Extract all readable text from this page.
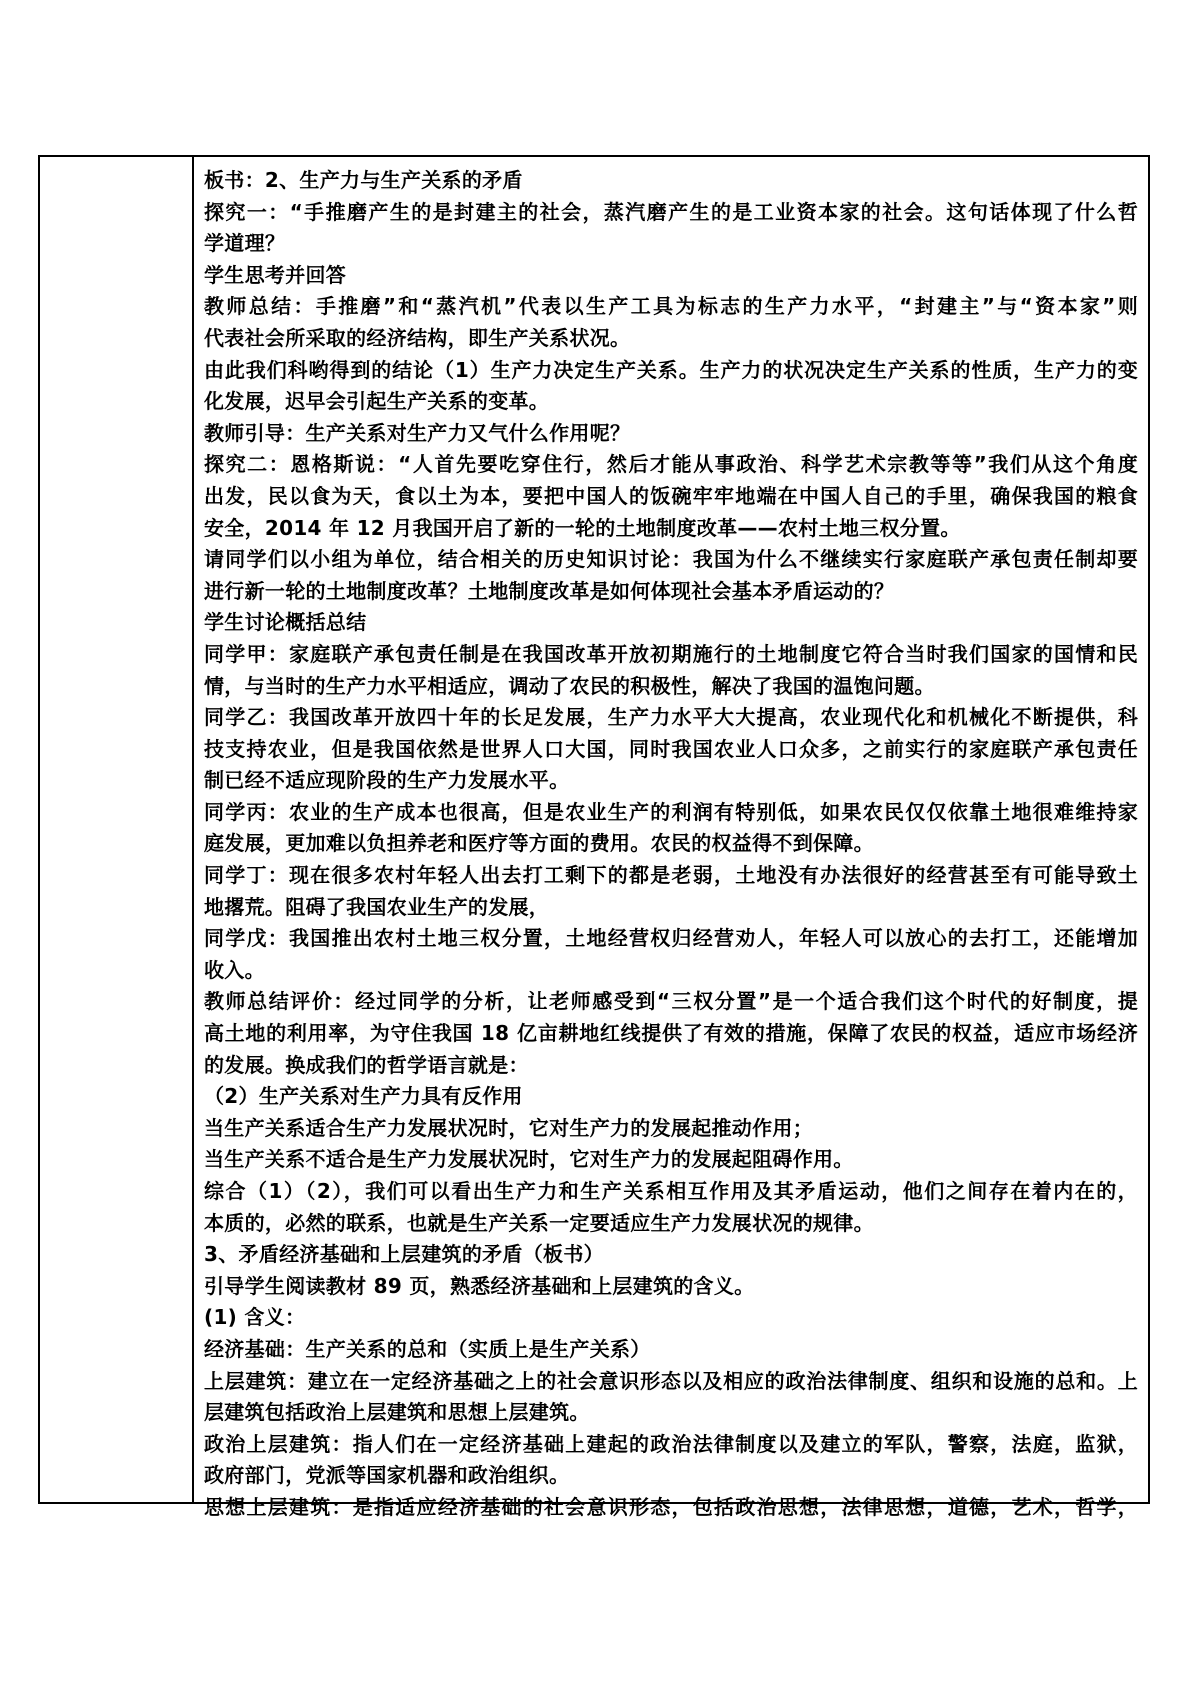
板书：2、生产力与生产关系的矛盾
探究一：“手推磨产生的是封建主的社会，蒸汽磨产生的是工业资本家的社会。这句话体现了什么哲
学道理？
学生思考并回答
教师总结：手推磨”和“蒸汽机”代表以生产工具为标志的生产力水平，“封建主”与“资本家”则
代表社会所采取的经济结构，即生产关系状况。
由此我们科哟得到的结论（1）生产力决定生产关系。生产力的状况决定生产关系的性质，生产力的变
化发展，迟早会引起生产关系的变革。
教师引导：生产关系对生产力又气什么作用呢？
探究二：恩格斯说：“人首先要吃穿住行，然后才能从事政治、科学艺术宗教等等”我们从这个角度
出发，民以食为天，食以土为本，要把中国人的饭碗牢牢地端在中国人自己的手里，确保我国的粮食
安全，2014 年 12 月我国开启了新的一轮的土地制度改革——农村土地三权分置。
请同学们以小组为单位，结合相关的历史知识讨论：我国为什么不继续实行家庭联产承包责任制却要
进行新一轮的土地制度改革？土地制度改革是如何体现社会基本矛盾运动的？
学生讨论概括总结
同学甲：家庭联产承包责任制是在我国改革开放初期施行的土地制度它符合当时我们国家的国情和民
情，与当时的生产力水平相适应，调动了农民的积极性，解决了我国的温饱问题。
同学乙：我国改革开放四十年的长足发展，生产力水平大大提高，农业现代化和机械化不断提供，科
技支持农业，但是我国依然是世界人口大国，同时我国农业人口众多，之前实行的家庭联产承包责任
制已经不适应现阶段的生产力发展水平。
同学丙：农业的生产成本也很高，但是农业生产的利润有特别低，如果农民仅仅依靠土地很难维持家
庭发展，更加难以负担养老和医疗等方面的费用。农民的权益得不到保障。
同学丁：现在很多农村年轻人出去打工剩下的都是老弱，土地没有办法很好的经营甚至有可能导致土
地撂荒。阻碍了我国农业生产的发展，
同学戊：我国推出农村土地三权分置，土地经营权归经营劝人，年轻人可以放心的去打工，还能增加
收入。
教师总结评价：经过同学的分析，让老师感受到“三权分置”是一个适合我们这个时代的好制度，提
高土地的利用率，为守住我国 18 亿亩耕地红线提供了有效的措施，保障了农民的权益，适应市场经济
的发展。换成我们的哲学语言就是：
（2）生产关系对生产力具有反作用
当生产关系适合生产力发展状况时，它对生产力的发展起推动作用；
当生产关系不适合是生产力发展状况时，它对生产力的发展起阻碍作用。
综合（1）（2），我们可以看出生产力和生产关系相互作用及其矛盾运动，他们之间存在着内在的，
本质的，必然的联系，也就是生产关系一定要适应生产力发展状况的规律。
3、矛盾经济基础和上层建筑的矛盾（板书）
引导学生阅读教材 89 页，熟悉经济基础和上层建筑的含义。
(1) 含义：
经济基础：生产关系的总和（实质上是生产关系）
上层建筑：建立在一定经济基础之上的社会意识形态以及相应的政治法律制度、组织和设施的总和。上
层建筑包括政治上层建筑和思想上层建筑。
政治上层建筑：指人们在一定经济基础上建起的政治法律制度以及建立的军队，警察，法庭，监狱，
政府部门，党派等国家机器和政治组织。
思想上层建筑：是指适应经济基础的社会意识形态，包括政治思想，法律思想，道德，艺术，哲学，
